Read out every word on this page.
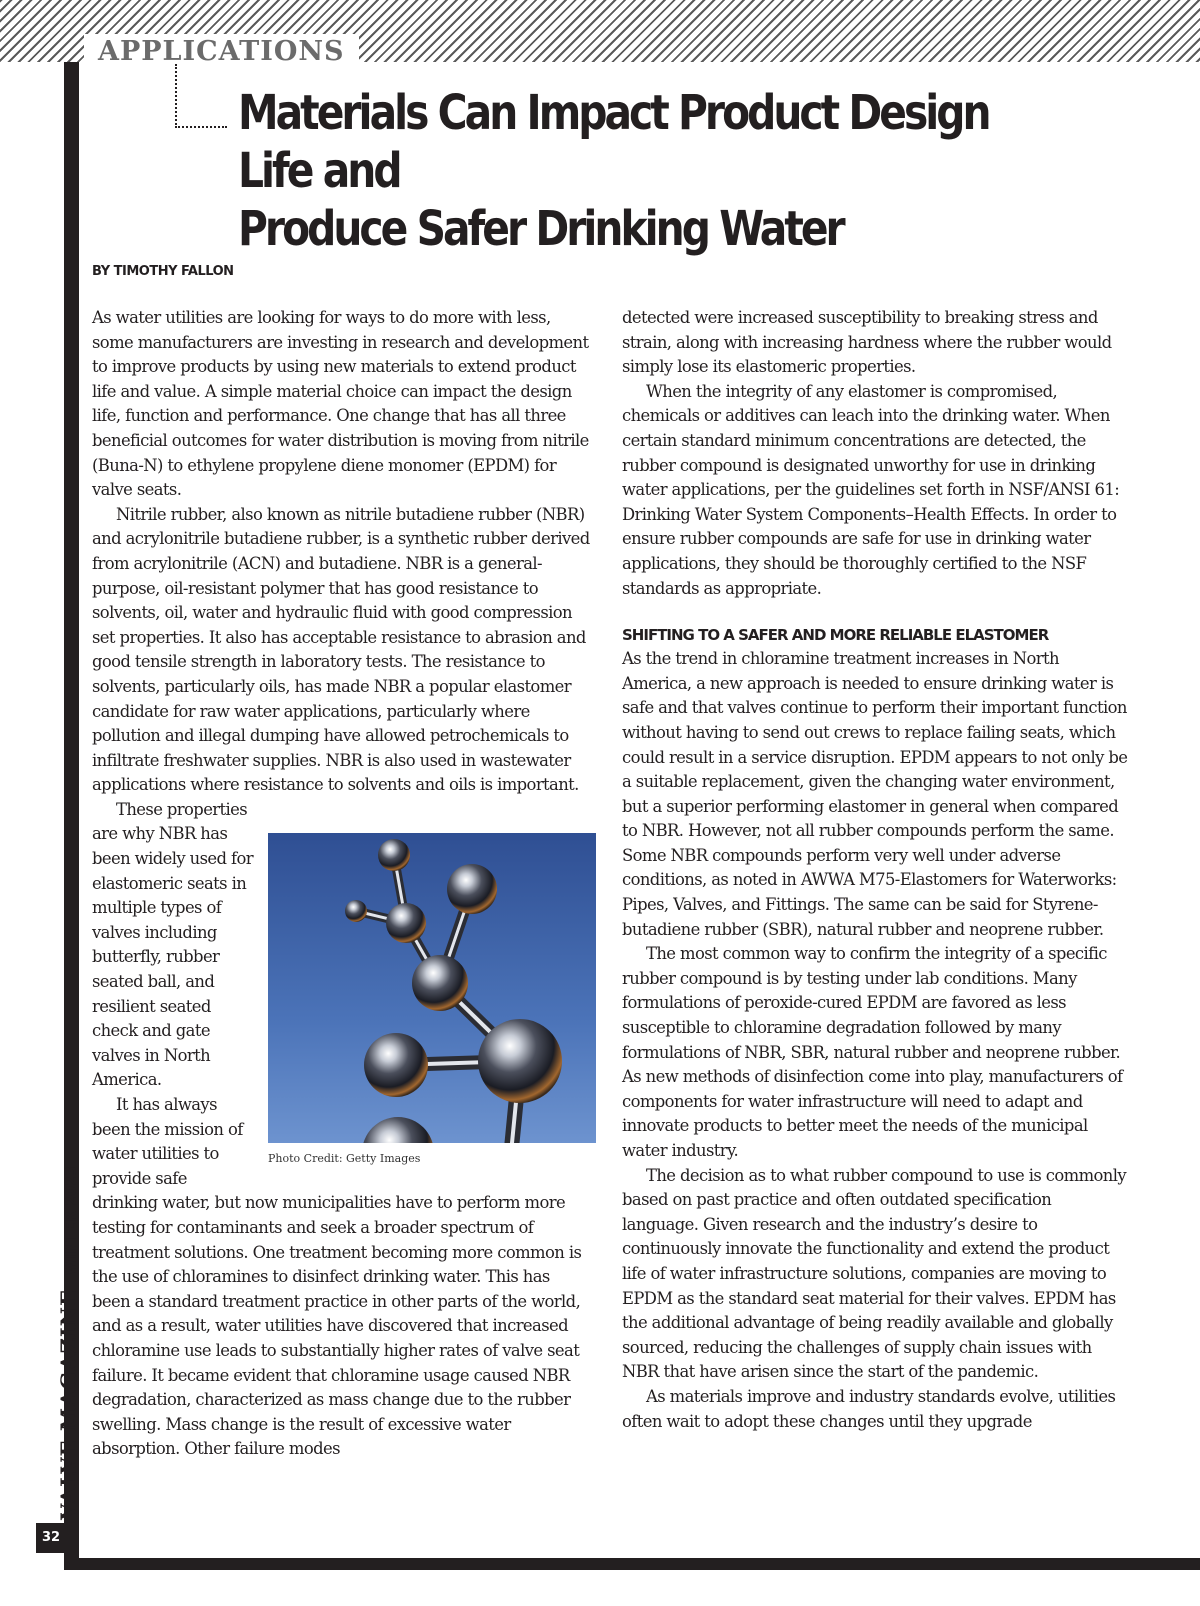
APPLICATIONS
32
VALVE MAGAZINEWINTER 2023
Materials Can Impact Product Design Life and
Produce Safer Drinking Water
BY TIMOTHY FALLON

As water utilities are looking for ways to do more with less, some manufacturers are investing in research and development to improve products by using new materials to extend product life and value. A simple material choice can impact the design life, function and performance. One change that has all three beneficial outcomes for water distribution is moving from nitrile (Buna-N) to ethylene propylene diene monomer (EPDM) for valve seats.

Nitrile rubber, also known as nitrile butadiene rubber (NBR) and acrylonitrile butadiene rubber, is a synthetic rubber derived from acrylonitrile (ACN) and butadiene. NBR is a general-purpose, oil-resistant polymer that has good resistance to solvents, oil, water and hydraulic fluid with good compression set properties. It also has acceptable resistance to abrasion and good tensile strength in laboratory tests. The resistance to solvents, particularly oils, has made NBR a popular elastomer candidate for raw water applications, particularly where pollution and illegal dumping have allowed petrochemicals to infiltrate freshwater supplies. NBR is also used in wastewater applications where resistance to solvents and oils is important.

Photo Credit: Getty Images

These properties are why NBR has been widely used for elastomeric seats in multiple types of valves including butterfly, rubber seated ball, and resilient seated check and gate valves in North America.

It has always been the mission of water utilities to provide safe drinking water, but now municipalities have to perform more testing for contaminants and seek a broader spectrum of treatment solutions. One treatment becoming more common is the use of chloramines to disinfect drinking water. This has been a standard treatment practice in other parts of the world, and as a result, water utilities have discovered that increased chloramine use leads to substantially higher rates of valve seat failure. It became evident that chloramine usage caused NBR degradation, characterized as mass change due to the rubber swelling. Mass change is the result of excessive water absorption. Other failure modes

detected were increased susceptibility to breaking stress and strain, along with increasing hardness where the rubber would simply lose its elastomeric properties.

When the integrity of any elastomer is compromised, chemicals or additives can leach into the drinking water. When certain standard minimum concentrations are detected, the rubber compound is designated unworthy for use in drinking water applications, per the guidelines set forth in NSF/ANSI 61: Drinking Water System Components–Health Effects. In order to ensure rubber compounds are safe for use in drinking water applications, they should be thoroughly certified to the NSF standards as appropriate.

SHIFTING TO A SAFER AND MORE RELIABLE ELASTOMER

As the trend in chloramine treatment increases in North America, a new approach is needed to ensure drinking water is safe and that valves continue to perform their important function without having to send out crews to replace failing seats, which could result in a service disruption. EPDM appears to not only be a suitable replacement, given the changing water environment, but a superior performing elastomer in general when compared to NBR. However, not all rubber compounds perform the same. Some NBR compounds perform very well under adverse conditions, as noted in AWWA M75-Elastomers for Waterworks: Pipes, Valves, and Fittings. The same can be said for Styrene-butadiene rubber (SBR), natural rubber and neoprene rubber.

The most common way to confirm the integrity of a specific rubber compound is by testing under lab conditions. Many formulations of peroxide-cured EPDM are favored as less susceptible to chloramine degradation followed by many formulations of NBR, SBR, natural rubber and neoprene rubber. As new methods of disinfection come into play, manufacturers of components for water infrastructure will need to adapt and innovate products to better meet the needs of the municipal water industry.

The decision as to what rubber compound to use is commonly based on past practice and often outdated specification language. Given research and the industry’s desire to continuously innovate the functionality and extend the product life of water infrastructure solutions, companies are moving to EPDM as the standard seat material for their valves. EPDM has the additional advantage of being readily available and globally sourced, reducing the challenges of supply chain issues with NBR that have arisen since the start of the pandemic.

As materials improve and industry standards evolve, utilities often wait to adopt these changes until they upgrade
